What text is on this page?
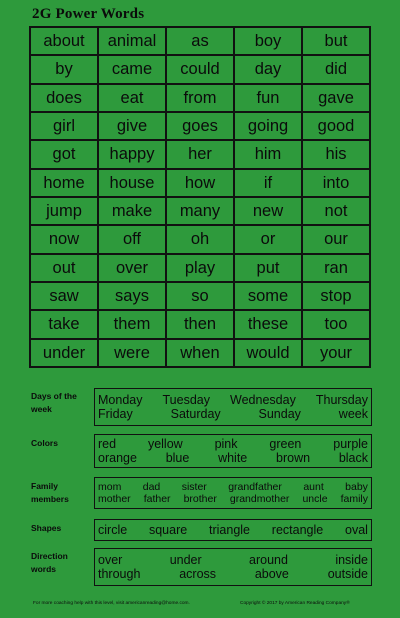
2G Power Words
about	animal	as	boy	but
by	came	could	day	did
does	eat	from	fun	gave
girl	give	goes	going	good
got	happy	her	him	his
home	house	how	if	into
jump	make	many	new	not
now	off	oh	or	our
out	over	play	put	ran
saw	says	so	some	stop
take	them	then	these	too
under	were	when	would	your
Days of the week
Monday Tuesday Wednesday Thursday
Friday	Saturday	Sunday	week
Colors	red	yellow	pink	green	purple
orange blue white brown black
Family members
mom dad sister grandfather aunt baby
mother father brother grandmother uncle family
Shapes	circle square triangle rectangle oval
Direction words
over	under	around	inside
through	across	above	outside
For more coaching help with this level, visit americanreading@home.com.	Copyright © 2017 by American Reading Company®
